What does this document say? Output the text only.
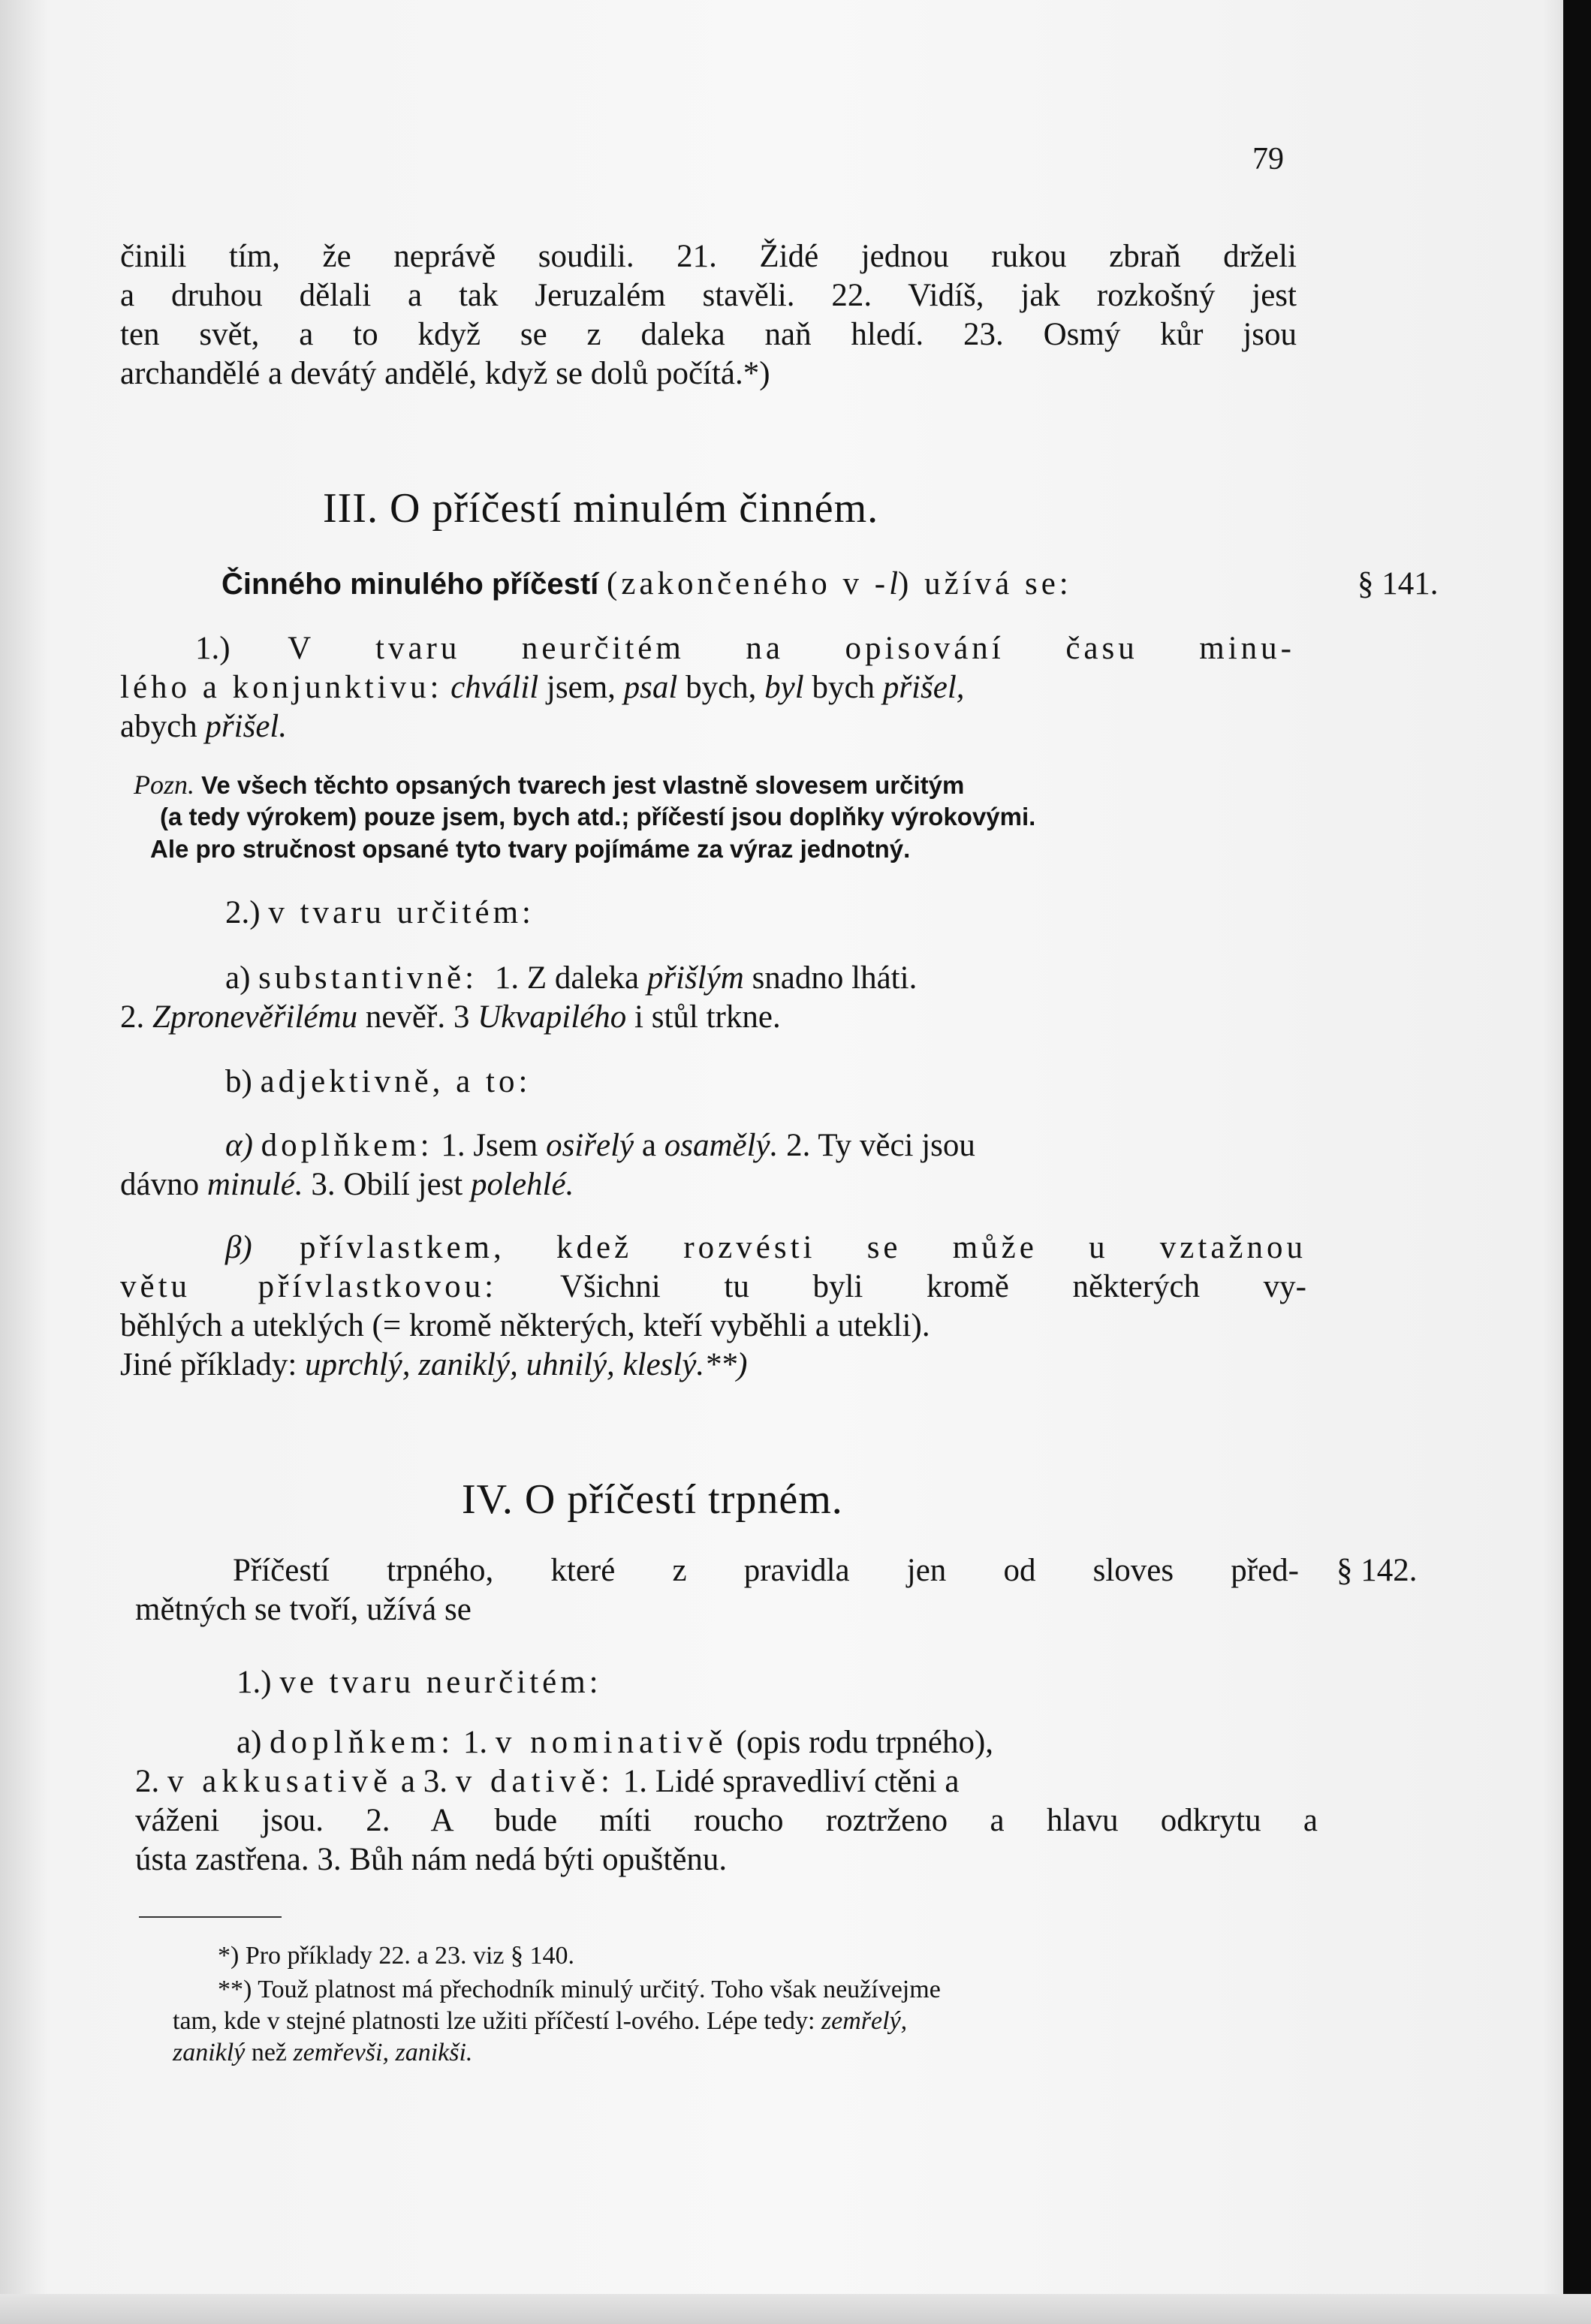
79
činili tím, že neprávě soudili. 21. Židé jednou rukou zbraň drželi
a druhou dělali a tak Jeruzalém stavěli. 22. Vidíš, jak rozkošný jest
ten svět, a to když se z daleka naň hledí. 23. Osmý kůr jsou
archandělé a devátý andělé, když se dolů počítá.*)
III. O příčestí minulém činném.
Činného minulého příčestí (zakončeného v -l) užívá se:	§ 141.
1.) V tvaru neurčitém na opisování času minu-
lého a konjunktivu: chválil jsem, psal bych, byl bych přišel,
abych přišel.
Pozn. Ve všech těchto opsaných tvarech jest vlastně slovesem určitým
(a tedy výrokem) pouze jsem, bych atd.; příčestí jsou doplňky výrokovými.
Ale pro stručnost opsané tyto tvary pojímáme za výraz jednotný.
2.) v tvaru určitém:
a) substantivně: 1. Z daleka přišlým snadno lháti.
2. Zpronevěřilému nevěř. 3 Ukvapilého i stůl trkne.
b) adjektivně, a to:
α) doplňkem: 1. Jsem osiřelý a osamělý. 2. Ty věci jsou
dávno minulé. 3. Obilí jest polehlé.
β) přívlastkem, kdež rozvésti se může u vztažnou
větu přívlastkovou: Všichni tu byli kromě některých vy-
běhlých a uteklých (= kromě některých, kteří vyběhli a utekli).
Jiné příklady: uprchlý, zaniklý, uhnilý, kleslý.**)
IV. O příčestí trpném.
Příčestí trpného, které z pravidla jen od sloves před-
mětných se tvoří, užívá se
§ 142.
1.) ve tvaru neurčitém:
a) doplňkem: 1. v nominativě (opis rodu trpného),
2. v akkusativě a 3. v dativě: 1. Lidé spravedliví ctěni a
váženi jsou. 2. A bude míti roucho roztrženo a hlavu odkrytu a
ústa zastřena. 3. Bůh nám nedá býti opuštěnu.
*) Pro příklady 22. a 23. viz § 140.
**) Touž platnost má přechodník minulý určitý. Toho však neužívejme
tam, kde v stejné platnosti lze užiti příčestí l-ového. Lépe tedy: zemřelý,
zaniklý než zemřevši, zanikši.
